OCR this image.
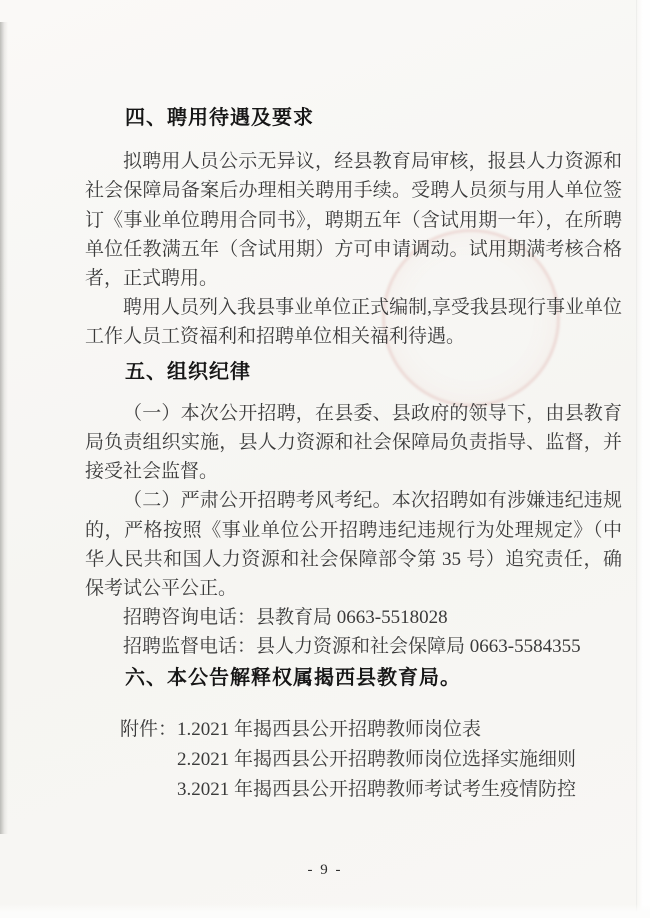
四、聘用待遇及要求

拟聘用人员公示无异议，经县教育局审核，报县人力资源和社会保障局备案后办理相关聘用手续。受聘人员须与用人单位签订《事业单位聘用合同书》，聘期五年（含试用期一年），在所聘单位任教满五年（含试用期）方可申请调动。试用期满考核合格者，正式聘用。

聘用人员列入我县事业单位正式编制,享受我县现行事业单位工作人员工资福利和招聘单位相关福利待遇。

五、组织纪律

（一）本次公开招聘，在县委、县政府的领导下，由县教育局负责组织实施，县人力资源和社会保障局负责指导、监督，并接受社会监督。

（二）严肃公开招聘考风考纪。本次招聘如有涉嫌违纪违规的，严格按照《事业单位公开招聘违纪违规行为处理规定》（中华人民共和国人力资源和社会保障部令第 35 号）追究责任，确保考试公平公正。

招聘咨询电话：县教育局 0663-5518028

招聘监督电话：县人力资源和社会保障局 0663-5584355

六、本公告解释权属揭西县教育局。
附件： 1.2021 年揭西县公开招聘教师岗位表
2.2021 年揭西县公开招聘教师岗位选择实施细则
3.2021 年揭西县公开招聘教师考试考生疫情防控
- 9 -
